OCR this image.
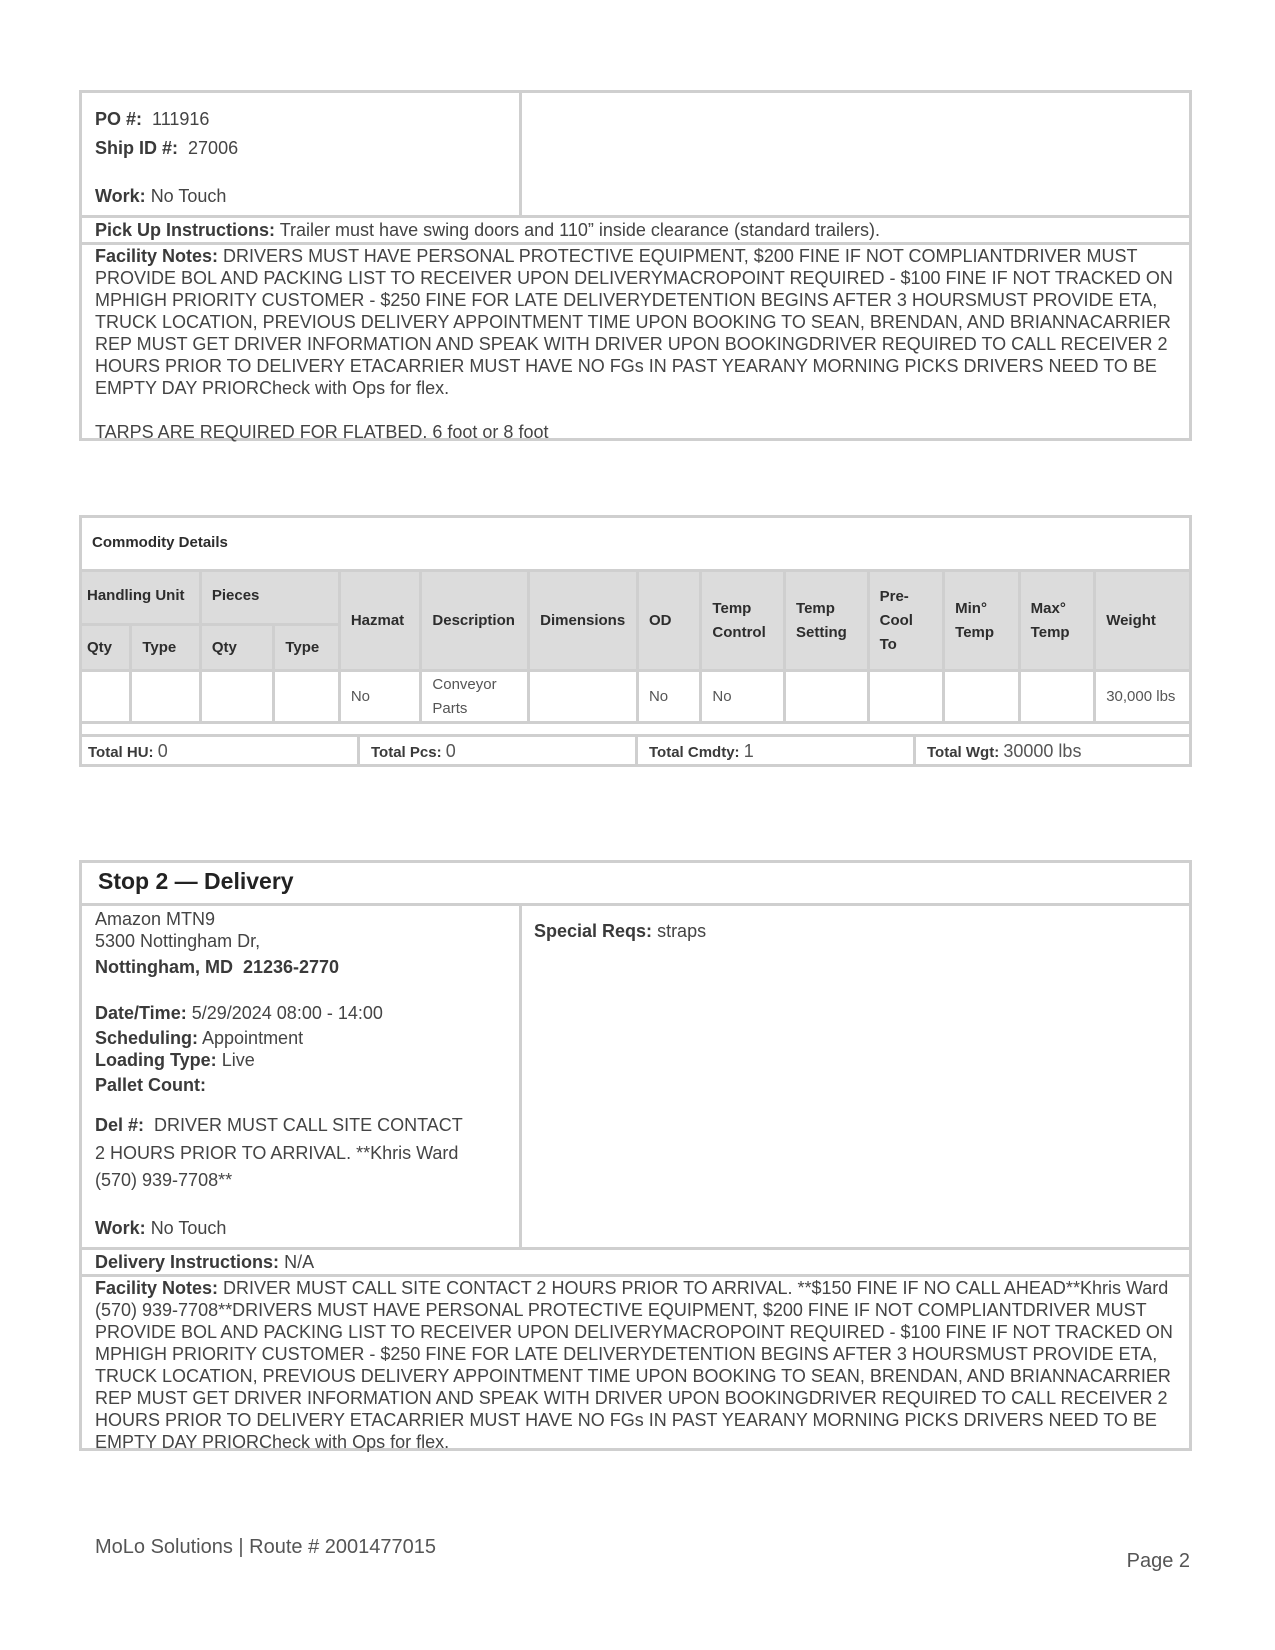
PO #: 111916
Ship ID #: 27006
Work: No Touch
Pick Up Instructions: Trailer must have swing doors and 110” inside clearance (standard trailers).
Facility Notes: DRIVERS MUST HAVE PERSONAL PROTECTIVE EQUIPMENT, $200 FINE IF NOT COMPLIANTDRIVER MUST PROVIDE BOL AND PACKING LIST TO RECEIVER UPON DELIVERYMACROPOINT REQUIRED - $100 FINE IF NOT TRACKED ON MPHIGH PRIORITY CUSTOMER - $250 FINE FOR LATE DELIVERYDETENTION BEGINS AFTER 3 HOURSMUST PROVIDE ETA, TRUCK LOCATION, PREVIOUS DELIVERY APPOINTMENT TIME UPON BOOKING TO SEAN, BRENDAN, AND BRIANNACARRIER REP MUST GET DRIVER INFORMATION AND SPEAK WITH DRIVER UPON BOOKINGDRIVER REQUIRED TO CALL RECEIVER 2 HOURS PRIOR TO DELIVERY ETACARRIER MUST HAVE NO FGs IN PAST YEARANY MORNING PICKS DRIVERS NEED TO BE EMPTY DAY PRIORCheck with Ops for flex.
TARPS ARE REQUIRED FOR FLATBED. 6 foot or 8 foot
Commodity Details
Handling Unit		Pieces		Hazmat	Description	Dimensions	OD	Temp Control	Temp Setting	Pre-Cool To	Min° Temp	Max° Temp	Weight
Qty	Type	Qty	Type										
				No	Conveyor Parts		No	No					30,000 lbs
Total HU: 0	Total Pcs: 0	Total Cmdty: 1	Total Wgt: 30000 lbs
Stop 2 — Delivery
Amazon MTN9
5300 Nottingham Dr,
Nottingham, MD  21236-2770
Date/Time: 5/29/2024 08:00 - 14:00
Scheduling: Appointment
Loading Type: Live
Pallet Count:
Del #: DRIVER MUST CALL SITE CONTACT
2 HOURS PRIOR TO ARRIVAL. **Khris Ward
(570) 939-7708**
Work: No Touch
Special Reqs: straps
Delivery Instructions: N/A
Facility Notes: DRIVER MUST CALL SITE CONTACT 2 HOURS PRIOR TO ARRIVAL. **$150 FINE IF NO CALL AHEAD**Khris Ward (570) 939-7708**DRIVERS MUST HAVE PERSONAL PROTECTIVE EQUIPMENT, $200 FINE IF NOT COMPLIANTDRIVER MUST PROVIDE BOL AND PACKING LIST TO RECEIVER UPON DELIVERYMACROPOINT REQUIRED - $100 FINE IF NOT TRACKED ON MPHIGH PRIORITY CUSTOMER - $250 FINE FOR LATE DELIVERYDETENTION BEGINS AFTER 3 HOURSMUST PROVIDE ETA, TRUCK LOCATION, PREVIOUS DELIVERY APPOINTMENT TIME UPON BOOKING TO SEAN, BRENDAN, AND BRIANNACARRIER REP MUST GET DRIVER INFORMATION AND SPEAK WITH DRIVER UPON BOOKINGDRIVER REQUIRED TO CALL RECEIVER 2 HOURS PRIOR TO DELIVERY ETACARRIER MUST HAVE NO FGs IN PAST YEARANY MORNING PICKS DRIVERS NEED TO BE EMPTY DAY PRIORCheck with Ops for flex.
MoLo Solutions | Route # 2001477015
Page 2
